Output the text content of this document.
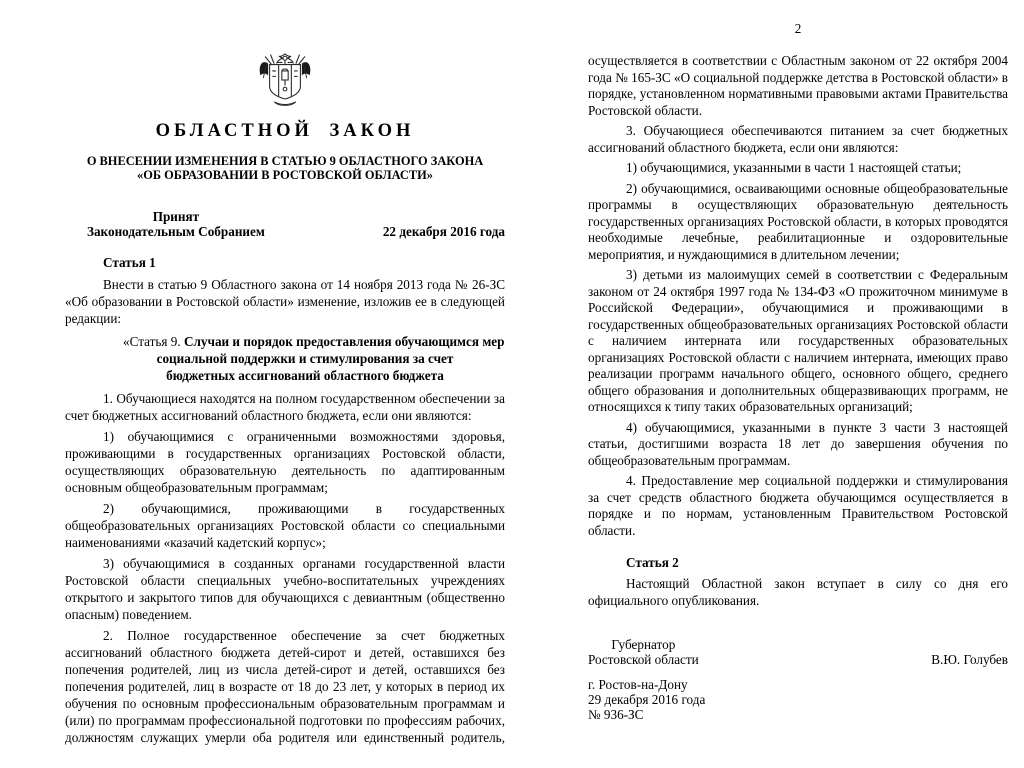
ОБЛАСТНОЙ ЗАКОН
О ВНЕСЕНИИ ИЗМЕНЕНИЯ В СТАТЬЮ 9 ОБЛАСТНОГО ЗАКОНА
«ОБ ОБРАЗОВАНИИ В РОСТОВСКОЙ ОБЛАСТИ»
Принят
Законодательным Собранием	22 декабря 2016 года
Статья 1

Внести в статью 9 Областного закона от 14 ноября 2013 года № 26-ЗС «Об образовании в Ростовской области» изменение, изложив ее в следующей редакции:

«Статья 9. Случаи и порядок предоставления обучающимся мер
социальной поддержки и стимулирования за счет
бюджетных ассигнований областного бюджета

1. Обучающиеся находятся на полном государственном обеспечении за счет бюджетных ассигнований областного бюджета, если они являются:

1) обучающимися с ограниченными возможностями здоровья, проживающими в государственных организациях Ростовской области, осуществляющих образовательную деятельность по адаптированным основным общеобразовательным программам;

2) обучающимися, проживающими в государственных общеобразовательных организациях Ростовской области со специальными наименованиями «казачий кадетский корпус»;

3) обучающимися в созданных органами государственной власти Ростовской области специальных учебно-воспитательных учреждениях открытого и закрытого типов для обучающихся с девиантным (общественно опасным) поведением.

2. Полное государственное обеспечение за счет бюджетных ассигнований областного бюджета детей-сирот и детей, оставшихся без попечения родителей, лиц из числа детей-сирот и детей, оставшихся без попечения родителей, лиц в возрасте от 18 до 23 лет, у которых в период их обучения по основным профессиональным образовательным программам и (или) по программам профессиональной подготовки по профессиям рабочих, должностям служащих умерли оба родителя или единственный родитель,

2

осуществляется в соответствии с Областным законом от 22 октября 2004 года № 165-ЗС «О социальной поддержке детства в Ростовской области» в порядке, установленном нормативными правовыми актами Правительства Ростовской области.

3. Обучающиеся обеспечиваются питанием за счет бюджетных ассигнований областного бюджета, если они являются:

1) обучающимися, указанными в части 1 настоящей статьи;

2) обучающимися, осваивающими основные общеобразовательные программы в осуществляющих образовательную деятельность государственных организациях Ростовской области, в которых проводятся необходимые лечебные, реабилитационные и оздоровительные мероприятия, и нуждающимися в длительном лечении;

3) детьми из малоимущих семей в соответствии с Федеральным законом от 24 октября 1997 года № 134-ФЗ «О прожиточном минимуме в Российской Федерации», обучающимися и проживающими в государственных общеобразовательных организациях Ростовской области с наличием интерната или государственных образовательных организациях Ростовской области с наличием интерната, имеющих право реализации программ начального общего, основного общего, среднего общего образования и дополнительных общеразвивающих программ, не относящихся к типу таких образовательных организаций;

4) обучающимися, указанными в пункте 3 части 3 настоящей статьи, достигшими возраста 18 лет до завершения обучения по общеобразовательным программам.

4. Предоставление мер социальной поддержки и стимулирования за счет средств областного бюджета обучающимся осуществляется в порядке и по нормам, установленным Правительством Ростовской области.

Статья 2

Настоящий Областной закон вступает в силу со дня его официального опубликования.

Губернатор
Ростовской области	В.Ю. Голубев
г. Ростов-на-Дону
29 декабря 2016 года
№ 936-ЗС
